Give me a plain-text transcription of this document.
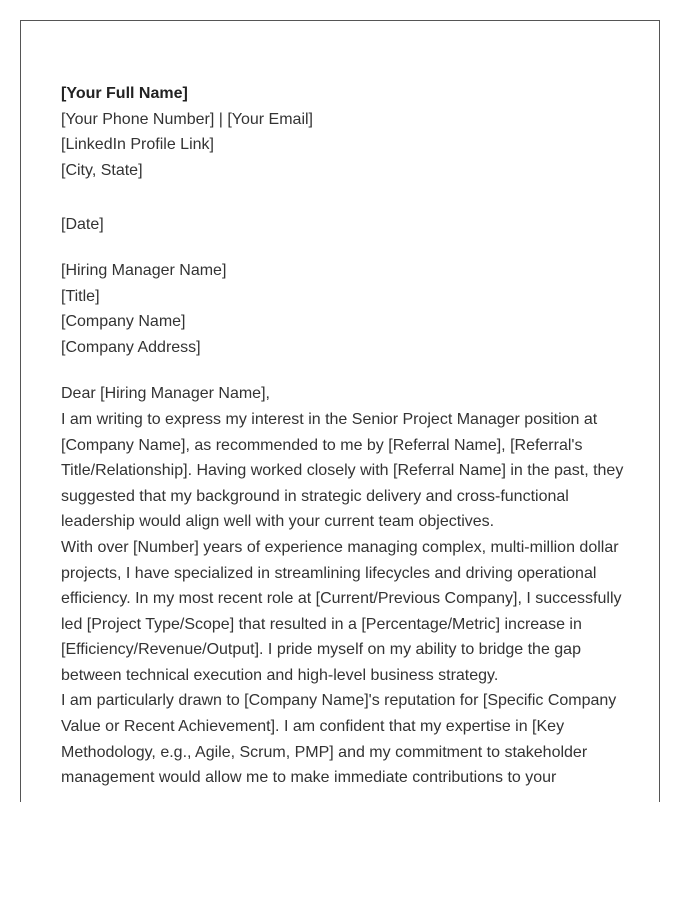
[Your Full Name]
[Your Phone Number] | [Your Email]
[LinkedIn Profile Link]
[City, State]
[Date]
[Hiring Manager Name]
[Title]
[Company Name]
[Company Address]
Dear [Hiring Manager Name],

I am writing to express my interest in the Senior Project Manager position at [Company Name], as recommended to me by [Referral Name], [Referral's Title/Relationship]. Having worked closely with [Referral Name] in the past, they suggested that my background in strategic delivery and cross-functional leadership would align well with your current team objectives.

With over [Number] years of experience managing complex, multi-million dollar projects, I have specialized in streamlining lifecycles and driving operational efficiency. In my most recent role at [Current/Previous Company], I successfully led [Project Type/Scope] that resulted in a [Percentage/Metric] increase in [Efficiency/Revenue/Output]. I pride myself on my ability to bridge the gap between technical execution and high-level business strategy.

I am particularly drawn to [Company Name]'s reputation for [Specific Company Value or Recent Achievement]. I am confident that my expertise in [Key Methodology, e.g., Agile, Scrum, PMP] and my commitment to stakeholder management would allow me to make immediate contributions to your
